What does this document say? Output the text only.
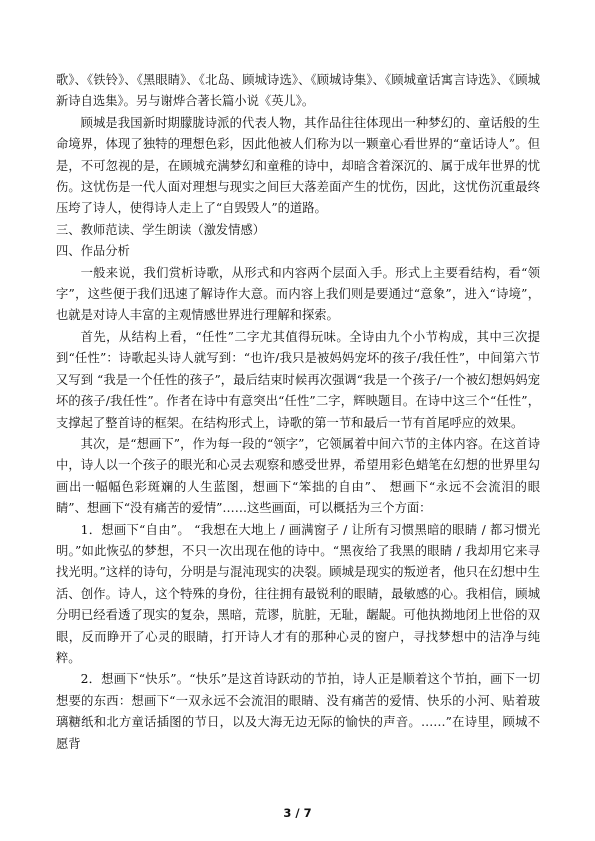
歌》、《铁铃》、《黑眼睛》、《北岛、顾城诗选》、《顾城诗集》、《顾城童话寓言诗选》、《顾城新诗自选集》。另与谢烨合著长篇小说《英儿》。

顾城是我国新时期朦胧诗派的代表人物，其作品往往体现出一种梦幻的、童话般的生命境界，体现了独特的理想色彩，因此他被人们称为以一颗童心看世界的“童话诗人”。但是，不可忽视的是，在顾城充满梦幻和童稚的诗中，却暗含着深沉的、属于成年世界的忧伤。这忧伤是一代人面对理想与现实之间巨大落差面产生的忧伤，因此，这忧伤沉重最终压垮了诗人，使得诗人走上了“自毁毁人”的道路。

三、教师范读、学生朗读（激发情感）

四、作品分析

一般来说，我们赏析诗歌，从形式和内容两个层面入手。形式上主要看结构，看“领字”，这些便于我们迅速了解诗作大意。而内容上我们则是要通过“意象”，进入“诗境”，也就是对诗人丰富的主观情感世界进行理解和探索。

首先，从结构上看，“任性”二字尤其值得玩味。全诗由九个小节构成，其中三次提到“任性”：诗歌起头诗人就写到：“也许/我只是被妈妈宠坏的孩子/我任性”，中间第六节又写到 “我是一个任性的孩子”，最后结束时候再次强调“我是一个孩子/一个被幻想妈妈宠坏的孩子/我任性”。作者在诗中有意突出“任性”二字，辉映题目。在诗中这三个“任性”，支撑起了整首诗的框架。在结构形式上，诗歌的第一节和最后一节有首尾呼应的效果。

其次，是“想画下”，作为每一段的“领字”，它领属着中间六节的主体内容。在这首诗中，诗人以一个孩子的眼光和心灵去观察和感受世界，希望用彩色蜡笔在幻想的世界里勾画出一幅幅色彩斑斓的人生蓝图，想画下“笨拙的自由”、 想画下“永远不会流泪的眼睛”、想画下“没有痛苦的爱情”……这些画面，可以概括为三个方面：

1．想画下“自由”。 “我想在大地上 / 画满窗子 / 让所有习惯黑暗的眼睛 / 都习惯光明。”如此恢弘的梦想，不只一次出现在他的诗中。“黑夜给了我黑的眼睛 / 我却用它来寻找光明。”这样的诗句，分明是与混沌现实的决裂。顾城是现实的叛逆者，他只在幻想中生活、创作。诗人，这个特殊的身份，往往拥有最锐利的眼睛，最敏感的心。我相信，顾城分明已经看透了现实的复杂，黑暗，荒谬，肮脏，无耻，龌龊。可他执拗地闭上世俗的双眼，反而睁开了心灵的眼睛，打开诗人才有的那种心灵的窗户，寻找梦想中的洁净与纯粹。

2．想画下“快乐”。“快乐”是这首诗跃动的节拍，诗人正是顺着这个节拍，画下一切想要的东西：想画下“一双永远不会流泪的眼睛、没有痛苦的爱情、快乐的小河、贴着玻璃糖纸和北方童话插图的节日，以及大海无边无际的愉快的声音。……”在诗里，顾城不愿背

3 / 7
